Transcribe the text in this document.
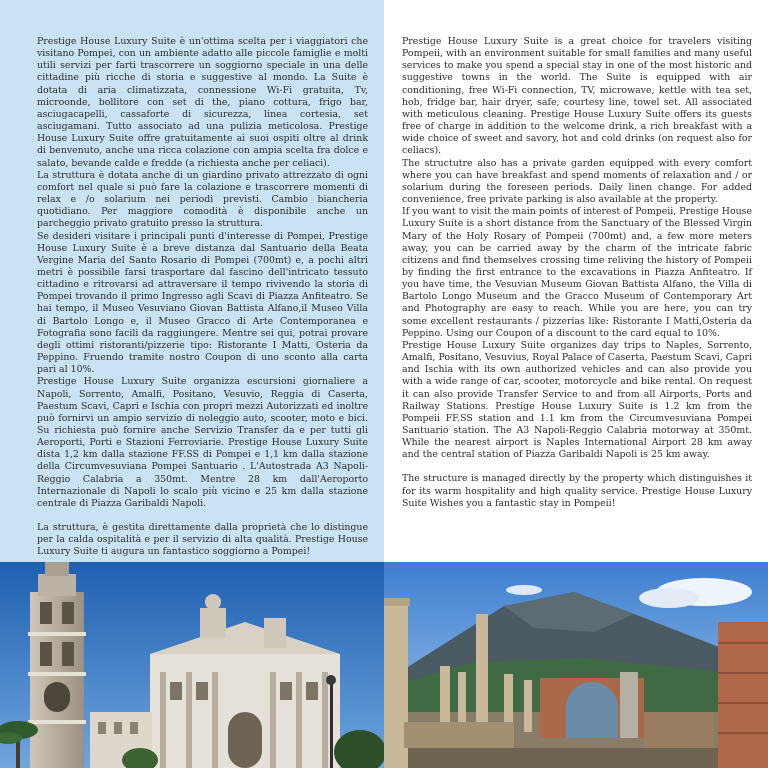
Prestige House Luxury Suite è un'ottima scelta per i viaggiatori che visitano Pompei, con un ambiente adatto alle piccole famiglie e molti utili servizi per farti trascorrere un soggiorno speciale in una delle cittadine più ricche di storia e suggestive al mondo. La Suite è dotata di aria climatizzata, connessione Wi-Fi gratuita, Tv, microonde, bollitore con set di the, piano cottura, frigo bar, asciugacapelli, cassaforte di sicurezza, linea cortesia, set asciugamani. Tutto associato ad una pulizia meticolosa. Prestige House Luxury Suite offre gratuitamente ai suoi ospiti oltre al drink di benvenuto, anche una ricca colazione con ampia scelta fra dolce e salato, bevande calde e fredde (a richiesta anche per celiaci).

La struttura è dotata anche di un giardino privato attrezzato di ogni comfort nel quale si può fare la colazione e trascorrere momenti di relax e /o solarium nei periodi previsti. Cambio biancheria quotidiano. Per maggiore comodità è disponibile anche un parcheggio privato gratuito presso la struttura.

Se desideri visitare i principali punti d'interesse di Pompei, Prestige House Luxury Suite è a breve distanza dal Santuario della Beata Vergine Maria del Santo Rosario di Pompei (700mt) e, a pochi altri metri è possibile farsi trasportare dal fascino dell'intricato tessuto cittadino e ritrovarsi ad attraversare il tempo rivivendo la storia di Pompei trovando il primo Ingresso agli Scavi di Piazza Anfiteatro. Se hai tempo, il Museo Vesuviano Giovan Battista Alfano,il Museo Villa di Bartolo Longo e, il Museo Gracco di Arte Contemporanea e Fotografia sono facili da raggiungere. Mentre sei qui, potrai provare degli ottimi ristoranti/pizzerie tipo: Ristorante I Matti, Osteria da Peppino. Fruendo tramite nostro Coupon di uno sconto alla carta pari al 10%.

Prestige House Luxury Suite organizza escursioni giornaliere a Napoli, Sorrento, Amalfi, Positano, Vesuvio, Reggia di Caserta, Paestum Scavi, Capri e Ischia con propri mezzi Autorizzati ed inoltre può fornirvi un ampio servizio di noleggio auto, scooter, moto e bici. Su richiesta può fornire anche Servizio Transfer da e per tutti gli Aeroporti, Porti e Stazioni Ferroviarie. Prestige House Luxury Suite dista 1,2 km dalla stazione FF.SS di Pompei e 1,1 km dalla stazione della Circumvesuviana Pompei Santuario . L'Autostrada A3 Napoli-Reggio Calabria a 350mt. Mentre 28 km dall'Aeroporto Internazionale di Napoli lo scalo più vicino e 25 km dalla stazione centrale di Piazza Garibaldi Napoli.

La struttura, è gestita direttamente dalla proprietà che lo distingue per la calda ospitalità e per il servizio di alta qualità. Prestige House Luxury Suite ti augura un fantastico soggiorno a Pompei!

Prestige House Luxury Suite is a great choice for travelers visiting Pompeii, with an environment suitable for small families and many useful services to make you spend a special stay in one of the most historic and suggestive towns in the world. The Suite is equipped with air conditioning, free Wi-Fi connection, TV, microwave, kettle with tea set, hob, fridge bar, hair dryer, safe, courtesy line, towel set. All associated with meticulous cleaning. Prestige House Luxury Suite offers its guests free of charge in addition to the welcome drink, a rich breakfast with a wide choice of sweet and savory, hot and cold drinks (on request also for celiacs).

The structutre also has a private garden equipped with every comfort where you can have breakfast and spend moments of relaxation and / or solarium during the foreseen periods. Daily linen change. For added convenience, free private parking is also available at the property.

If you want to visit the main points of interest of Pompeii, Prestige House Luxury Suite is a short distance from the Sanctuary of the Blessed Virgin Mary of the Holy Rosary of Pompeii (700mt) and, a few more meters away, you can be carried away by the charm of the intricate fabric citizens and find themselves crossing time reliving the history of Pompeii by finding the first entrance to the excavations in Piazza Anfiteatro. If you have time, the Vesuvian Museum Giovan Battista Alfano, the Villa di Bartolo Longo Museum and the Gracco Museum of Contemporary Art and Photography are easy to reach. While you are here, you can try some excellent restaurants / pizzerias like: Ristorante I Matti,Osteria da Peppino. Using our Coupon of a discount to the card equal to 10%.

Prestige House Luxury Suite organizes day trips to Naples, Sorrento, Amalfi, Positano, Vesuvius, Royal Palace of Caserta, Paestum Scavi, Capri and Ischia with its own authorized vehicles and can also provide you with a wide range of car, scooter, motorcycle and bike rental. On request it can also provide Transfer Service to and from all Airports, Ports and Railway Stations. Prestige House Luxury Suite is 1.2 km from the Pompeii FF.SS station and 1.1 km from the Circumvesuviana Pompei Santuario station. The A3 Napoli-Reggio Calabria motorway at 350mt. While the nearest airport is Naples International Airport 28 km away and the central station of Piazza Garibaldi Napoli is 25 km away.

The structure is managed directly by the property which distinguishes it for its warm hospitality and high quality service. Prestige House Luxury Suite Wishes you a fantastic stay in Pompeii!
